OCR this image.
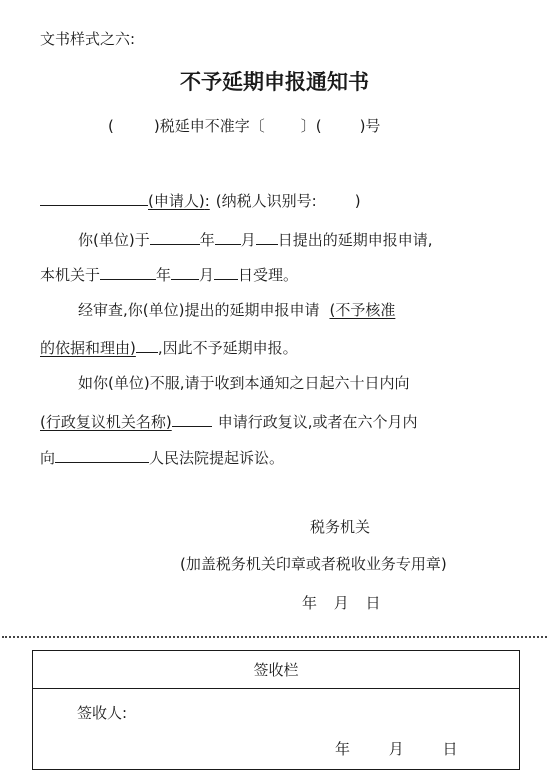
文书样式之六:
不予延期申报通知书
(	)税延申不准字〔 〕(	)号
(申请人): (纳税人识别号:	)
你(单位)于	年 月 日提出的延期申报申请,
本机关于	年 月 日受理。
经审查,你(单位)提出的延期申报申请 (不予核准
的依据和理由) ,因此不予延期申报。
如你(单位)不服,请于收到本通知之日起六十日内向
(行政复议机关名称)	申请行政复议,或者在六个月内
向	人民法院提起诉讼。
税务机关
(加盖税务机关印章或者税收业务专用章)
年 月 日
签收栏
签收人:
年 月 日
